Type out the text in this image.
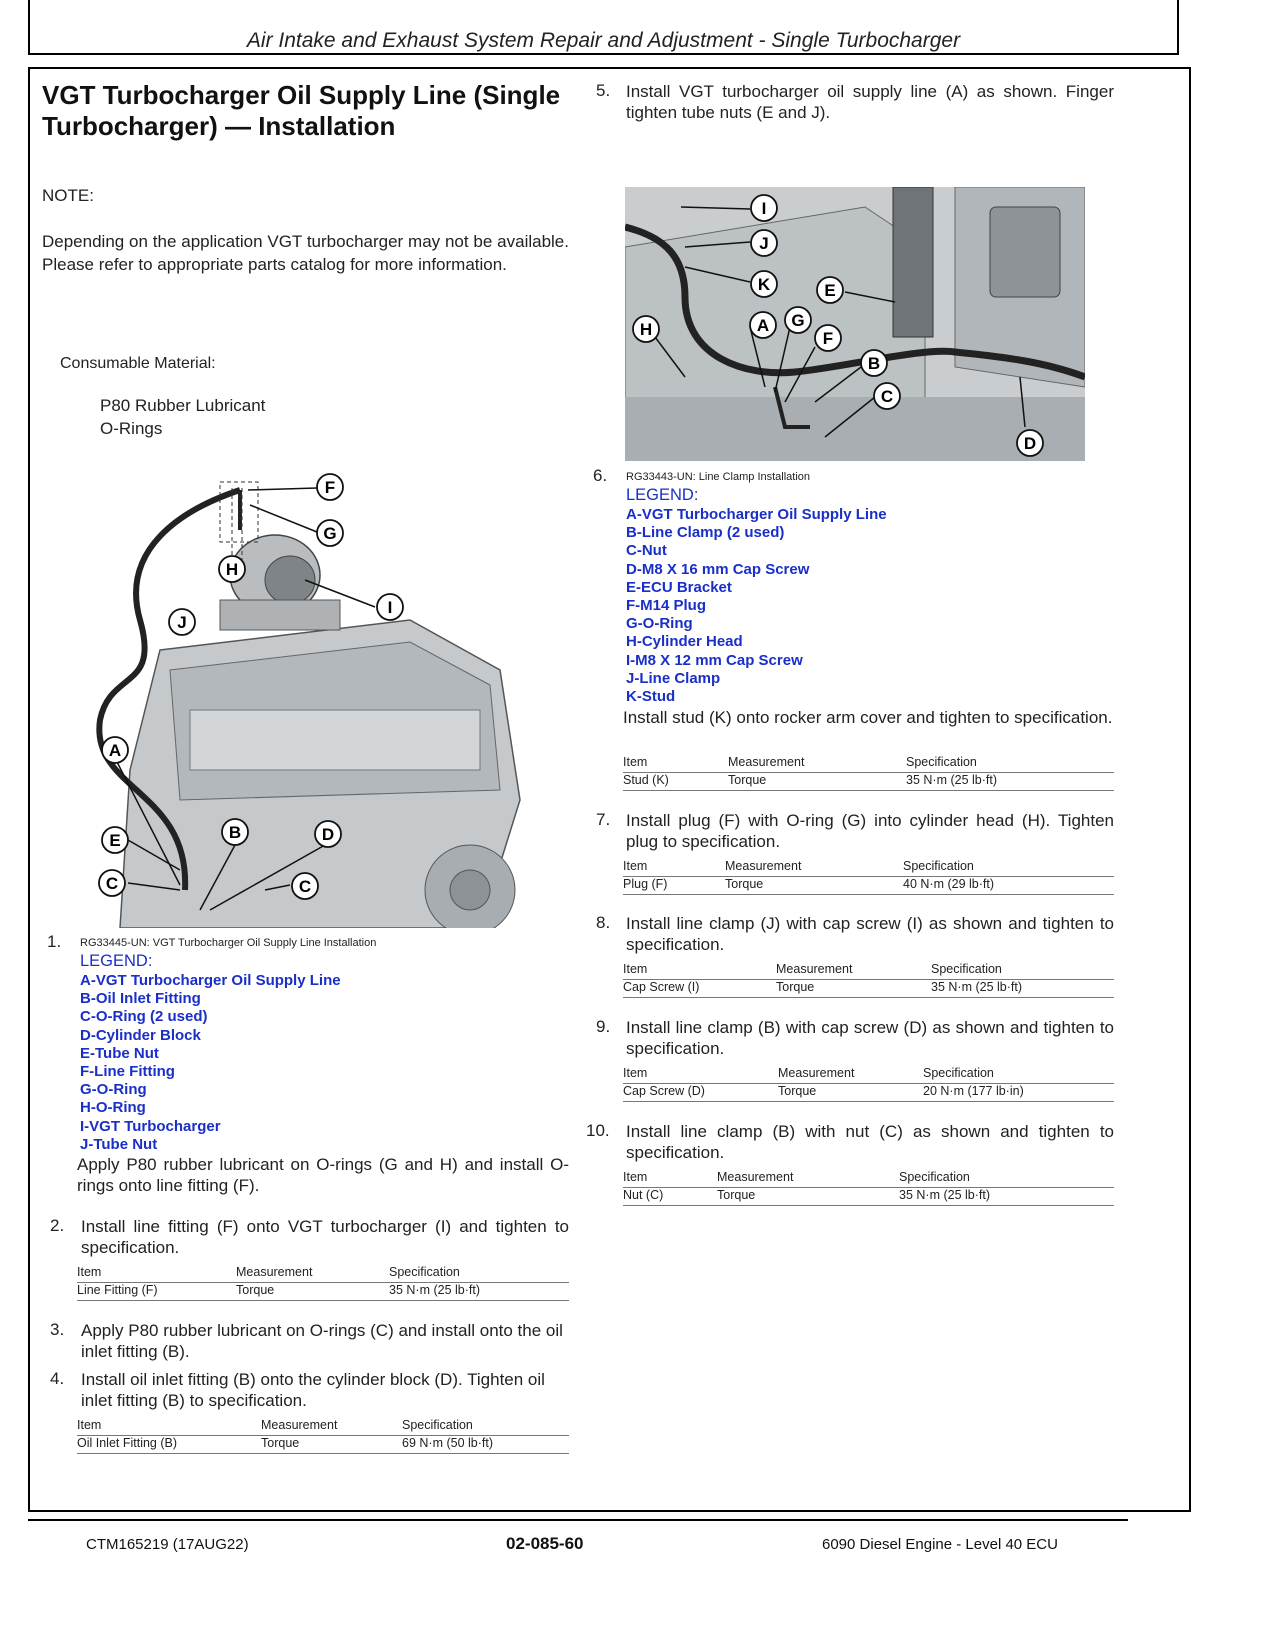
Air Intake and Exhaust System Repair and Adjustment - Single Turbocharger
VGT Turbocharger Oil Supply Line (Single Turbocharger) — Installation
NOTE:
Depending on the application VGT turbocharger may not be available. Please refer to appropriate parts catalog for more information.
Consumable Material:
P80 Rubber Lubricant
O-Rings
F
G
H
I
J
A
B
C
D
E
C
1. RG33445-UN: VGT Turbocharger Oil Supply Line Installation
LEGEND:
A-VGT Turbocharger Oil Supply Line
B-Oil Inlet Fitting
C-O-Ring (2 used)
D-Cylinder Block
E-Tube Nut
F-Line Fitting
G-O-Ring
H-O-Ring
I-VGT Turbocharger
J-Tube Nut
Apply P80 rubber lubricant on O-rings (G and H) and install O-rings onto line fitting (F).
2. Install line fitting (F) onto VGT turbocharger (I) and tighten to specification.
Item	Measurement	Specification
Line Fitting (F)	Torque	35 N·m (25 lb·ft)
3. Apply P80 rubber lubricant on O-rings (C) and install onto the oil inlet fitting (B).
4. Install oil inlet fitting (B) onto the cylinder block (D). Tighten oil inlet fitting (B) to specification.
Item	Measurement	Specification
Oil Inlet Fitting (B)	Torque	69 N·m (50 lb·ft)
5. Install VGT turbocharger oil supply line (A) as shown. Finger tighten tube nuts (E and J).
I
J
K	E
A G
F
H
B
C
D
6. RG33443-UN: Line Clamp Installation
LEGEND:
A-VGT Turbocharger Oil Supply Line
B-Line Clamp (2 used)
C-Nut
D-M8 X 16 mm Cap Screw
E-ECU Bracket
F-M14 Plug
G-O-Ring
H-Cylinder Head
I-M8 X 12 mm Cap Screw
J-Line Clamp
K-Stud
Install stud (K) onto rocker arm cover and tighten to specification.
Item	Measurement	Specification
Stud (K)	Torque	35 N·m (25 lb·ft)
7. Install plug (F) with O-ring (G) into cylinder head (H). Tighten plug to specification.
Item	Measurement	Specification
Plug (F)	Torque	40 N·m (29 lb·ft)
8. Install line clamp (J) with cap screw (I) as shown and tighten to specification.
Item	Measurement	Specification
Cap Screw (I)	Torque	35 N·m (25 lb·ft)
9. Install line clamp (B) with cap screw (D) as shown and tighten to specification.
Item	Measurement	Specification
Cap Screw (D)	Torque	20 N·m (177 lb·in)
10. Install line clamp (B) with nut (C) as shown and tighten to specification.
Item	Measurement	Specification
Nut (C)	Torque	35 N·m (25 lb·ft)
CTM165219 (17AUG22)	02-085-60	6090 Diesel Engine - Level 40 ECU
